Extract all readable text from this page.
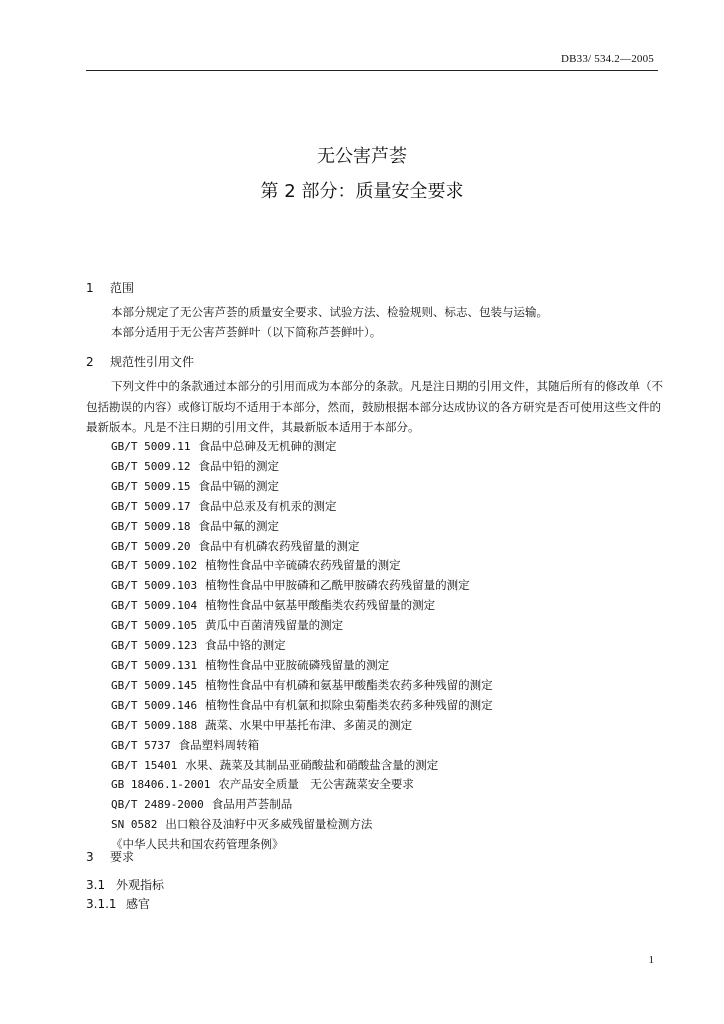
DB33/ 534.2—2005
无公害芦荟
第 2 部分：质量安全要求
1 范围
本部分规定了无公害芦荟的质量安全要求、试验方法、检验规则、标志、包装与运输。
本部分适用于无公害芦荟鲜叶（以下简称芦荟鲜叶）。
2 规范性引用文件
下列文件中的条款通过本部分的引用而成为本部分的条款。凡是注日期的引用文件，其随后所有的修改单（不包括勘误的内容）或修订版均不适用于本部分，然而，鼓励根据本部分达成协议的各方研究是否可使用这些文件的最新版本。凡是不注日期的引用文件，其最新版本适用于本部分。
GB/T 5009.11 食品中总砷及无机砷的测定
GB/T 5009.12 食品中铅的测定
GB/T 5009.15 食品中镉的测定
GB/T 5009.17 食品中总汞及有机汞的测定
GB/T 5009.18 食品中氟的测定
GB/T 5009.20 食品中有机磷农药残留量的测定
GB/T 5009.102 植物性食品中辛硫磷农药残留量的测定
GB/T 5009.103 植物性食品中甲胺磷和乙酰甲胺磷农药残留量的测定
GB/T 5009.104 植物性食品中氨基甲酸酯类农药残留量的测定
GB/T 5009.105 黄瓜中百菌清残留量的测定
GB/T 5009.123 食品中铬的测定
GB/T 5009.131 植物性食品中亚胺硫磷残留量的测定
GB/T 5009.145 植物性食品中有机磷和氨基甲酸酯类农药多种残留的测定
GB/T 5009.146 植物性食品中有机氯和拟除虫菊酯类农药多种残留的测定
GB/T 5009.188 蔬菜、水果中甲基托布津、多菌灵的测定
GB/T 5737 食品塑料周转箱
GB/T 15401 水果、蔬菜及其制品亚硝酸盐和硝酸盐含量的测定
GB 18406.1-2001 农产品安全质量　无公害蔬菜安全要求
QB/T 2489-2000 食品用芦荟制品
SN 0582 出口粮谷及油籽中灭多威残留量检测方法
《中华人民共和国农药管理条例》
3 要求
3.1 外观指标
3.1.1 感官
1
